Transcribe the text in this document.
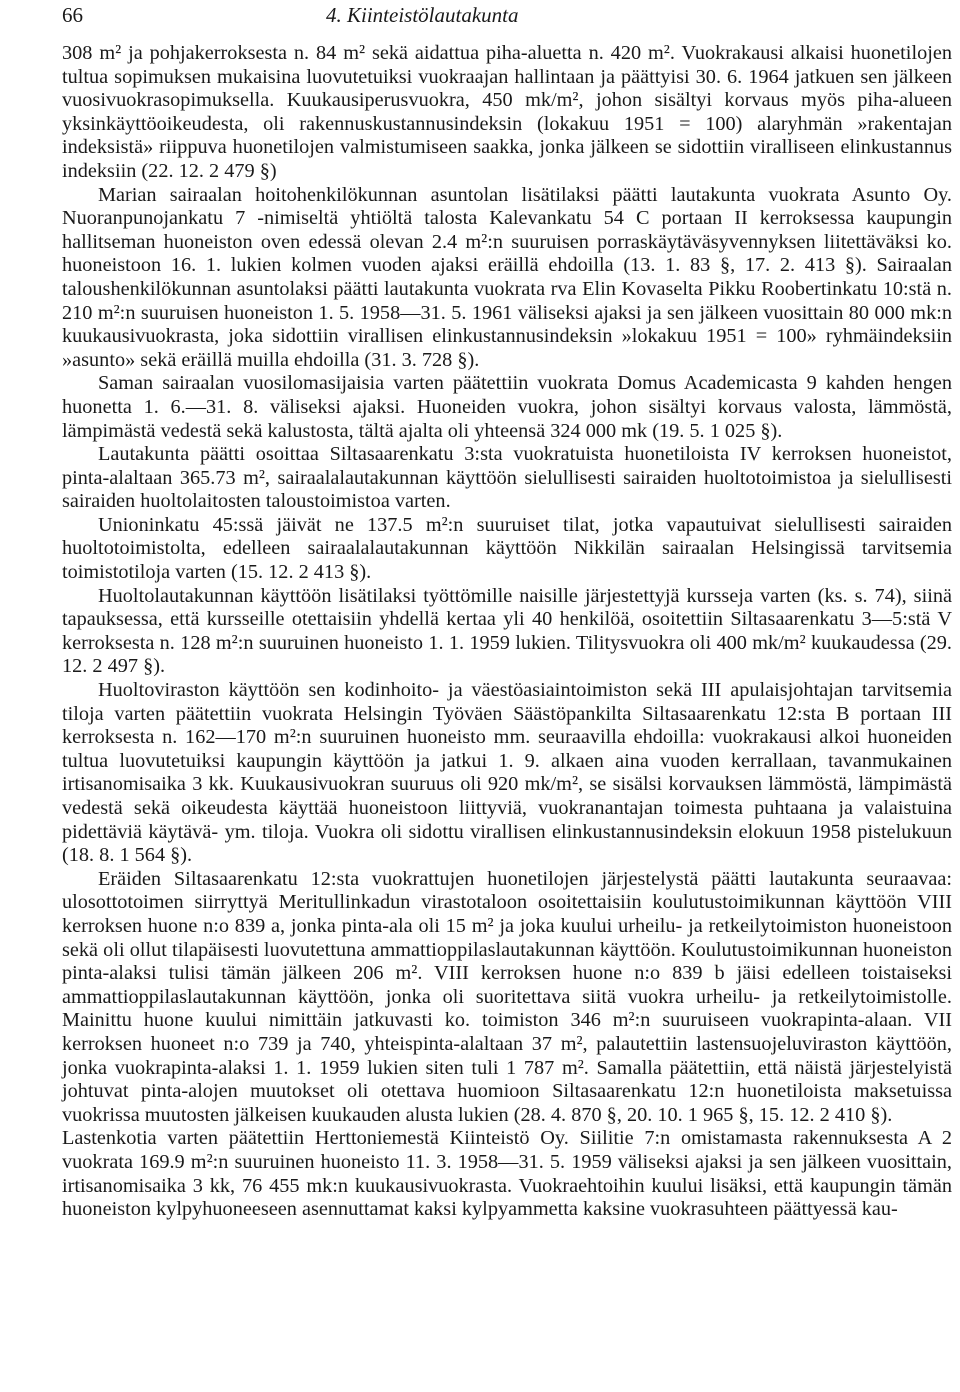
66	4. Kiinteistölautakunta

308 m² ja pohjakerroksesta n. 84 m² sekä aidattua piha-aluetta n. 420 m². Vuokrakausi alkaisi huonetilojen tultua sopimuksen mukaisina luovutetuiksi vuokraajan hallintaan ja päättyisi 30. 6. 1964 jatkuen sen jälkeen vuosivuokrasopimuksella. Kuukausiperusvuokra, 450 mk/m², johon sisältyi korvaus myös piha-alueen yksinkäyttöoikeudesta, oli rakennuskustannusindeksin (lokakuu 1951 = 100) alaryhmän »rakentajan indeksistä» riippuva huonetilojen valmistumiseen saakka, jonka jälkeen se sidottiin viralliseen elinkustannus indeksiin (22. 12. 2 479 §)

Marian sairaalan hoitohenkilökunnan asuntolan lisätilaksi päätti lautakunta vuokrata Asunto Oy. Nuoranpunojankatu 7 -nimiseltä yhtiöltä talosta Kalevankatu 54 C portaan II kerroksessa kaupungin hallitseman huoneiston oven edessä olevan 2.4 m²:n suuruisen porraskäytäväsyvennyksen liitettäväksi ko. huoneistoon 16. 1. lukien kolmen vuoden ajaksi eräillä ehdoilla (13. 1. 83 §, 17. 2. 413 §). Sairaalan taloushenkilökunnan asuntolaksi päätti lautakunta vuokrata rva Elin Kovaselta Pikku Roobertinkatu 10:stä n. 210 m²:n suuruisen huoneiston 1. 5. 1958—31. 5. 1961 väliseksi ajaksi ja sen jälkeen vuosittain 80 000 mk:n kuukausivuokrasta, joka sidottiin virallisen elinkustannusindeksin »lokakuu 1951 = 100» ryhmäindeksiin »asunto» sekä eräillä muilla ehdoilla (31. 3. 728 §).

Saman sairaalan vuosilomasijaisia varten päätettiin vuokrata Domus Academicasta 9 kahden hengen huonetta 1. 6.—31. 8. väliseksi ajaksi. Huoneiden vuokra, johon sisältyi korvaus valosta, lämmöstä, lämpimästä vedestä sekä kalustosta, tältä ajalta oli yhteensä 324 000 mk (19. 5. 1 025 §).

Lautakunta päätti osoittaa Siltasaarenkatu 3:sta vuokratuista huonetiloista IV kerroksen huoneistot, pinta-alaltaan 365.73 m², sairaalalautakunnan käyttöön sielullisesti sairaiden huoltotoimistoa ja sielullisesti sairaiden huoltolaitosten taloustoimistoa varten.

Unioninkatu 45:ssä jäivät ne 137.5 m²:n suuruiset tilat, jotka vapautuivat sielullisesti sairaiden huoltotoimistolta, edelleen sairaalalautakunnan käyttöön Nikkilän sairaalan Helsingissä tarvitsemia toimistotiloja varten (15. 12. 2 413 §).

Huoltolautakunnan käyttöön lisätilaksi työttömille naisille järjestettyjä kursseja varten (ks. s. 74), siinä tapauksessa, että kursseille otettaisiin yhdellä kertaa yli 40 henkilöä, osoitettiin Siltasaarenkatu 3—5:stä V kerroksesta n. 128 m²:n suuruinen huoneisto 1. 1. 1959 lukien. Tilitysvuokra oli 400 mk/m² kuukaudessa (29. 12. 2 497 §).

Huoltoviraston käyttöön sen kodinhoito- ja väestöasiaintoimiston sekä III apulaisjohtajan tarvitsemia tiloja varten päätettiin vuokrata Helsingin Työväen Säästöpankilta Siltasaarenkatu 12:sta B portaan III kerroksesta n. 162—170 m²:n suuruinen huoneisto mm. seuraavilla ehdoilla: vuokrakausi alkoi huoneiden tultua luovutetuiksi kaupungin käyttöön ja jatkui 1. 9. alkaen aina vuoden kerrallaan, tavanmukainen irtisanomisaika 3 kk. Kuukausivuokran suuruus oli 920 mk/m², se sisälsi korvauksen lämmöstä, lämpimästä vedestä sekä oikeudesta käyttää huoneistoon liittyviä, vuokranantajan toimesta puhtaana ja valaistuina pidettäviä käytävä- ym. tiloja. Vuokra oli sidottu virallisen elinkustannusindeksin elokuun 1958 pistelukuun (18. 8. 1 564 §).

Eräiden Siltasaarenkatu 12:sta vuokrattujen huonetilojen järjestelystä päätti lautakunta seuraavaa: ulosottotoimen siirryttyä Meritullinkadun virastotaloon osoitettaisiin koulutustoimikunnan käyttöön VIII kerroksen huone n:o 839 a, jonka pinta-ala oli 15 m² ja joka kuului urheilu- ja retkeilytoimiston huoneistoon sekä oli ollut tilapäisesti luovutettuna ammattioppilaslautakunnan käyttöön. Koulutustoimikunnan huoneiston pinta-alaksi tulisi tämän jälkeen 206 m². VIII kerroksen huone n:o 839 b jäisi edelleen toistaiseksi ammattioppilaslautakunnan käyttöön, jonka oli suoritettava siitä vuokra urheilu- ja retkeilytoimistolle. Mainittu huone kuului nimittäin jatkuvasti ko. toimiston 346 m²:n suuruiseen vuokrapinta-alaan. VII kerroksen huoneet n:o 739 ja 740, yhteispinta-alaltaan 37 m², palautettiin lastensuojeluviraston käyttöön, jonka vuokrapinta-alaksi 1. 1. 1959 lukien siten tuli 1 787 m². Samalla päätettiin, että näistä järjestelyistä johtuvat pinta-alojen muutokset oli otettava huomioon Siltasaarenkatu 12:n huonetiloista maksetuissa vuokrissa muutosten jälkeisen kuukauden alusta lukien (28. 4. 870 §, 20. 10. 1 965 §, 15. 12. 2 410 §).

Lastenkotia varten päätettiin Herttoniemestä Kiinteistö Oy. Siilitie 7:n omistamasta rakennuksesta A 2 vuokrata 169.9 m²:n suuruinen huoneisto 11. 3. 1958—31. 5. 1959 väliseksi ajaksi ja sen jälkeen vuosittain, irtisanomisaika 3 kk, 76 455 mk:n kuukausivuokrasta. Vuokraehtoihin kuului lisäksi, että kaupungin tämän huoneiston kylpyhuoneeseen asennuttamat kaksi kylpyammetta kaksine vuokrasuhteen päättyessä kau-
